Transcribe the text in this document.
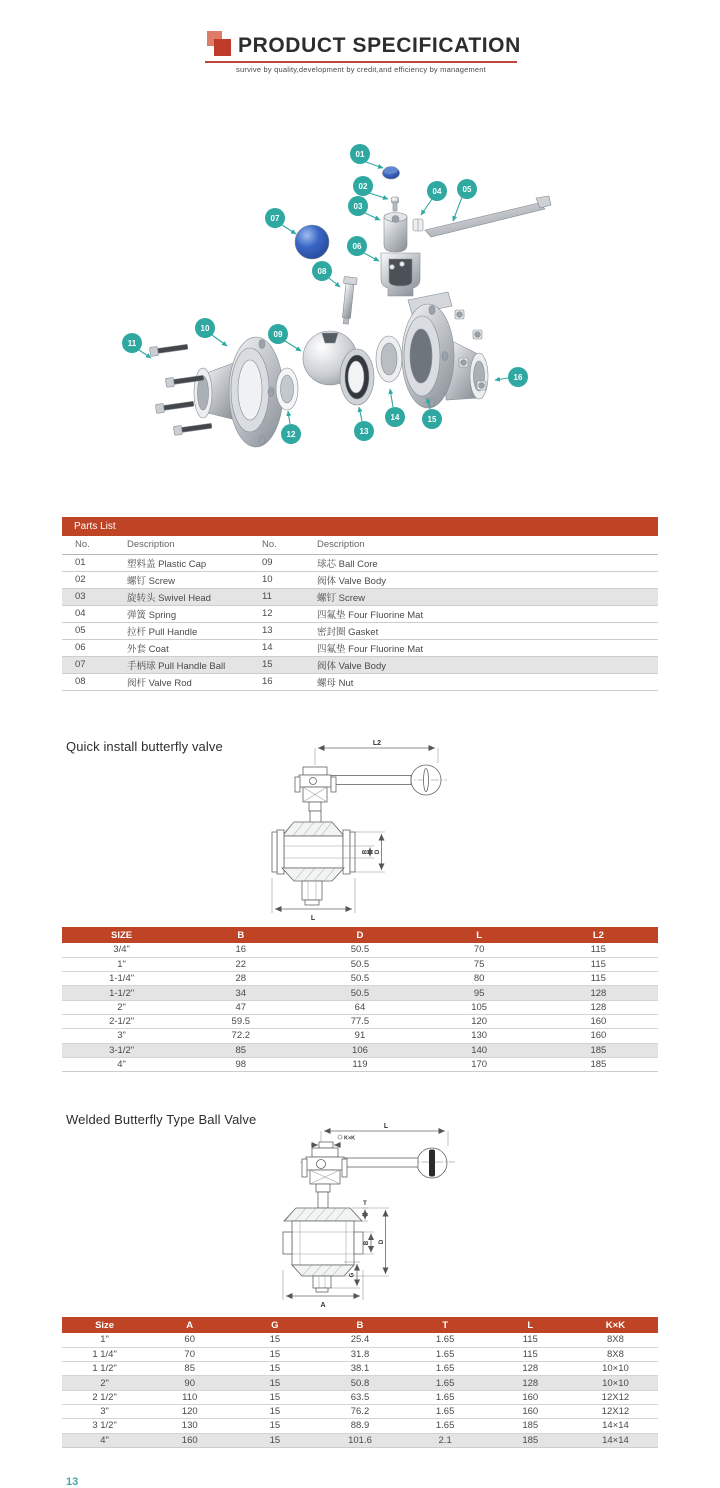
PRODUCT SPECIFICATION
survive by quality,development by credit,and efficiency by management
01
02
03
04	05
06
07
08
09
10
11
12	13
14	15
16
Parts List
No.	Description	No.	Description
01	塑料盖 Plastic Cap	09	球芯 Ball Core
02	螺钉 Screw	10	阀体 Valve Body
03	旋转头 Swivel Head	11	螺钉 Screw
04	弹簧 Spring	12	四氟垫 Four Fluorine Mat
05	拉杆 Pull Handle	13	密封圈 Gasket
06	外套 Coat	14	四氟垫 Four Fluorine Mat
07	手柄球 Pull Handle Ball	15	阀体 Valve Body
08	阀杆 Valve Rod	16	螺母 Nut
Quick install butterfly valve	L2
B D
L
SIZE	B	D	L	L2
3/4"	16	50.5	70	115
1"	22	50.5	75	115
1-1/4"	28	50.5	80	115
1-1/2"	34	50.5	95	128
2"	47	64	105	128
2-1/2"	59.5	77.5	120	160
3"	72.2	91	130	160
3-1/2"	85	106	140	185
4"	98	119	170	185
Welded Butterfly Type Ball Valve	L
K×K
T
B D
G
A
Size	A	G	B	T	L	K×K
1"	60	15	25.4	1.65	115	8X8
1 1/4"	70	15	31.8	1.65	115	8X8
1 1/2"	85	15	38.1	1.65	128	10×10
2"	90	15	50.8	1.65	128	10×10
2 1/2"	110	15	63.5	1.65	160	12X12
3"	120	15	76.2	1.65	160	12X12
3 1/2"	130	15	88.9	1.65	185	14×14
4"	160	15	101.6	2.1	185	14×14
13
